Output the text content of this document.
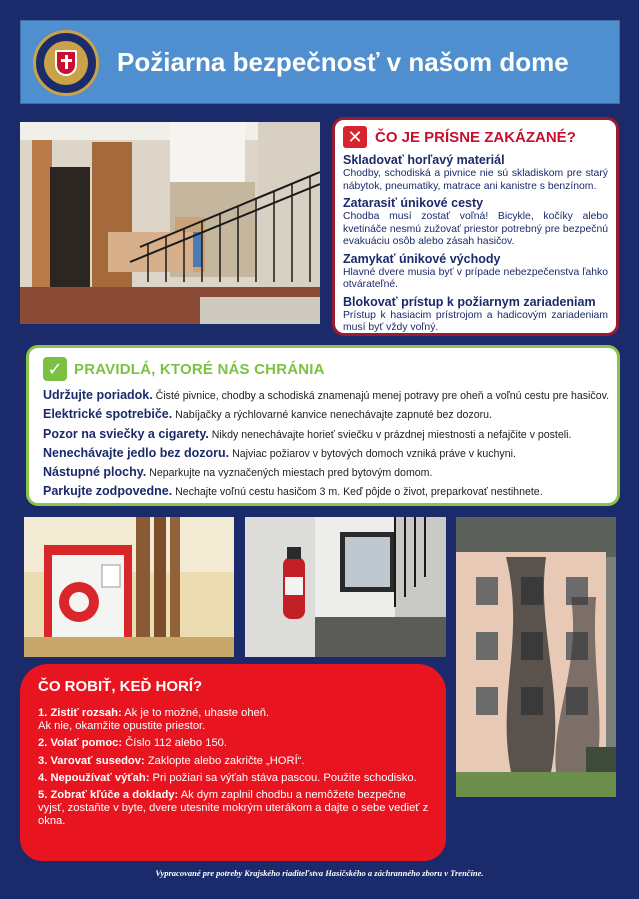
Požiarna bezpečnosť v našom dome
✕ ČO JE PRÍSNE ZAKÁZANÉ?
Skladovať horľavý materiál
Chodby, schodiská a pivnice nie sú skladiskom pre starý nábytok, pneumatiky, matrace ani kanistre s benzínom.
Zatarasiť únikové cesty
Chodba musí zostať voľná! Bicykle, kočíky alebo kvetináče nesmú zužovať priestor potrebný pre bezpečnú evakuáciu osôb alebo zásah hasičov.
Zamykať únikové východy
Hlavné dvere musia byť v prípade nebezpečenstva ľahko otvárateľné.
Blokovať prístup k požiarnym zariadeniam
Prístup k hasiacim prístrojom a hadicovým zariadeniam musí byť vždy voľný.
✓ PRAVIDLÁ, KTORÉ NÁS CHRÁNIA
Udržujte poriadok. Čisté pivnice, chodby a schodiská znamenajú menej potravy pre oheň a voľnú cestu pre hasičov.
Elektrické spotrebiče. Nabíjačky a rýchlovarné kanvice nenechávajte zapnuté bez dozoru.
Pozor na sviečky a cigarety. Nikdy nenechávajte horieť sviečku v prázdnej miestnosti a nefajčite v posteli.
Nenechávajte jedlo bez dozoru. Najviac požiarov v bytových domoch vzniká práve v kuchyni.
Nástupné plochy. Neparkujte na vyznačených miestach pred bytovým domom.
Parkujte zodpovedne. Nechajte voľnú cestu hasičom 3 m. Keď pôjde o život, preparkovať nestihnete.
ČO ROBIŤ, KEĎ HORÍ?
1. Zistiť rozsah: Ak je to možné, uhaste oheň.
Ak nie, okamžite opustite priestor.
2. Volať pomoc: Číslo 112 alebo 150.
3. Varovať susedov: Zaklopte alebo zakričte „HORÍ“.
4. Nepoužívať výťah: Pri požiari sa výťah stáva pascou. Použite schodisko.
5. Zobrať kľúče a doklady: Ak dym zaplnil chodbu a nemôžete bezpečne vyjsť, zostaňte v byte, dvere utesnite mokrým uterákom a dajte o sebe vedieť z okna.
Vypracované pre potreby Krajského riaditeľstva Hasičského a záchranného zboru v Trenčíne.
